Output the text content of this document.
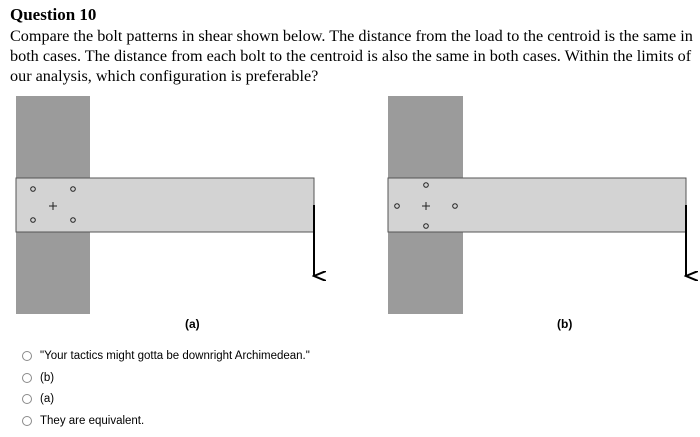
Question 10
Compare the bolt patterns in shear shown below. The distance from the load to the centroid is the same in both cases. The distance from each bolt to the centroid is also the same in both cases. Within the limits of our analysis, which configuration is preferable?
(a)	(b)
"Your tactics might gotta be downright Archimedean."
(b)
(a)
They are equivalent.
